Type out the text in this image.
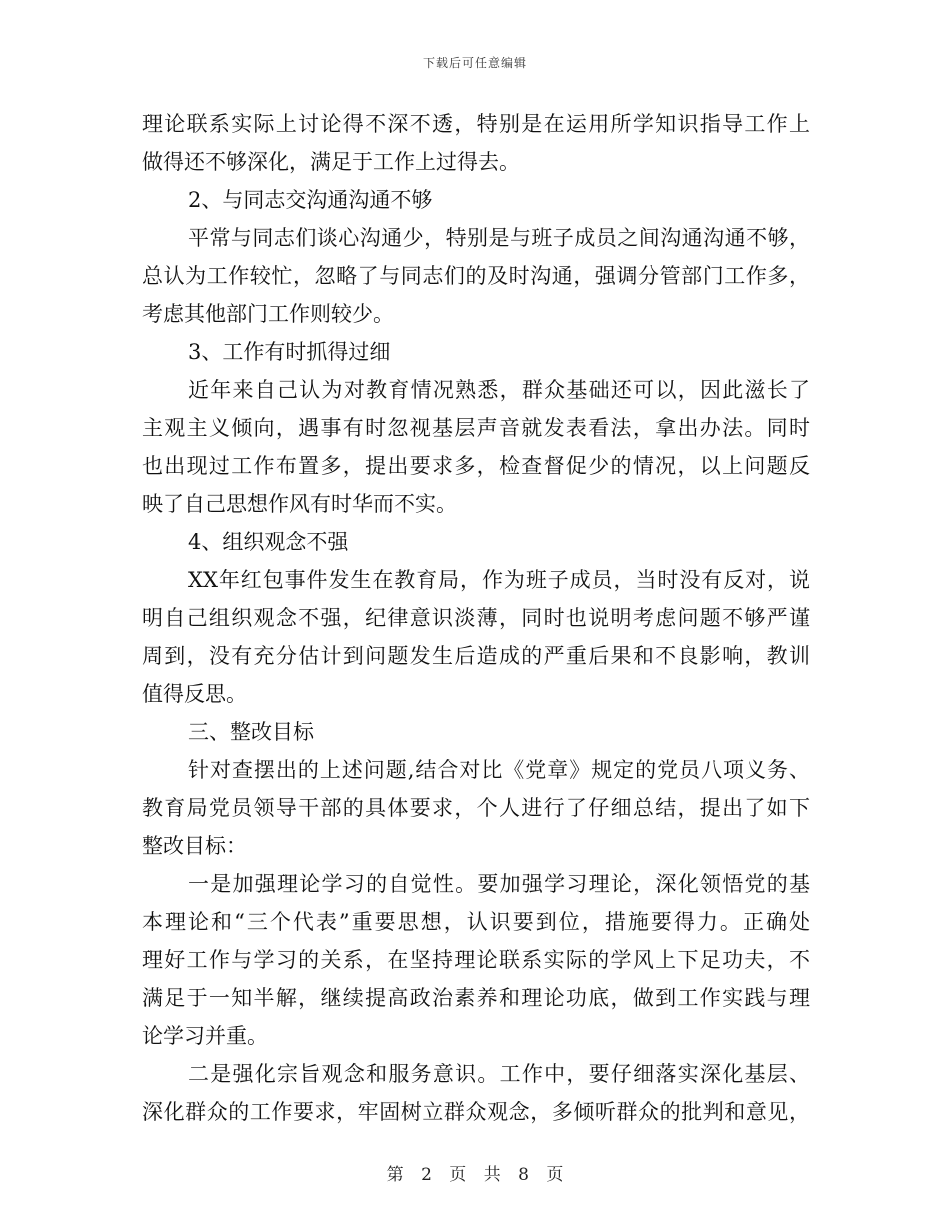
下载后可任意编辑
理论联系实际上讨论得不深不透，特别是在运用所学知识指导工作上
做得还不够深化，满足于工作上过得去。
2、与同志交沟通沟通不够
平常与同志们谈心沟通少，特别是与班子成员之间沟通沟通不够，
总认为工作较忙，忽略了与同志们的及时沟通，强调分管部门工作多，
考虑其他部门工作则较少。
3、工作有时抓得过细
近年来自己认为对教育情况熟悉，群众基础还可以，因此滋长了
主观主义倾向，遇事有时忽视基层声音就发表看法，拿出办法。同时
也出现过工作布置多，提出要求多，检查督促少的情况，以上问题反
映了自己思想作风有时华而不实。
4、组织观念不强
XX年红包事件发生在教育局，作为班子成员，当时没有反对，说
明自己组织观念不强，纪律意识淡薄，同时也说明考虑问题不够严谨
周到，没有充分估计到问题发生后造成的严重后果和不良影响，教训
值得反思。
三、整改目标
针对查摆出的上述问题,结合对比《党章》规定的党员八项义务、
教育局党员领导干部的具体要求，个人进行了仔细总结，提出了如下
整改目标：
一是加强理论学习的自觉性。要加强学习理论，深化领悟党的基
本理论和“三个代表”重要思想，认识要到位，措施要得力。正确处
理好工作与学习的关系，在坚持理论联系实际的学风上下足功夫，不
满足于一知半解，继续提高政治素养和理论功底，做到工作实践与理
论学习并重。
二是强化宗旨观念和服务意识。工作中，要仔细落实深化基层、
深化群众的工作要求，牢固树立群众观念，多倾听群众的批判和意见，
第 2 页 共 8 页
